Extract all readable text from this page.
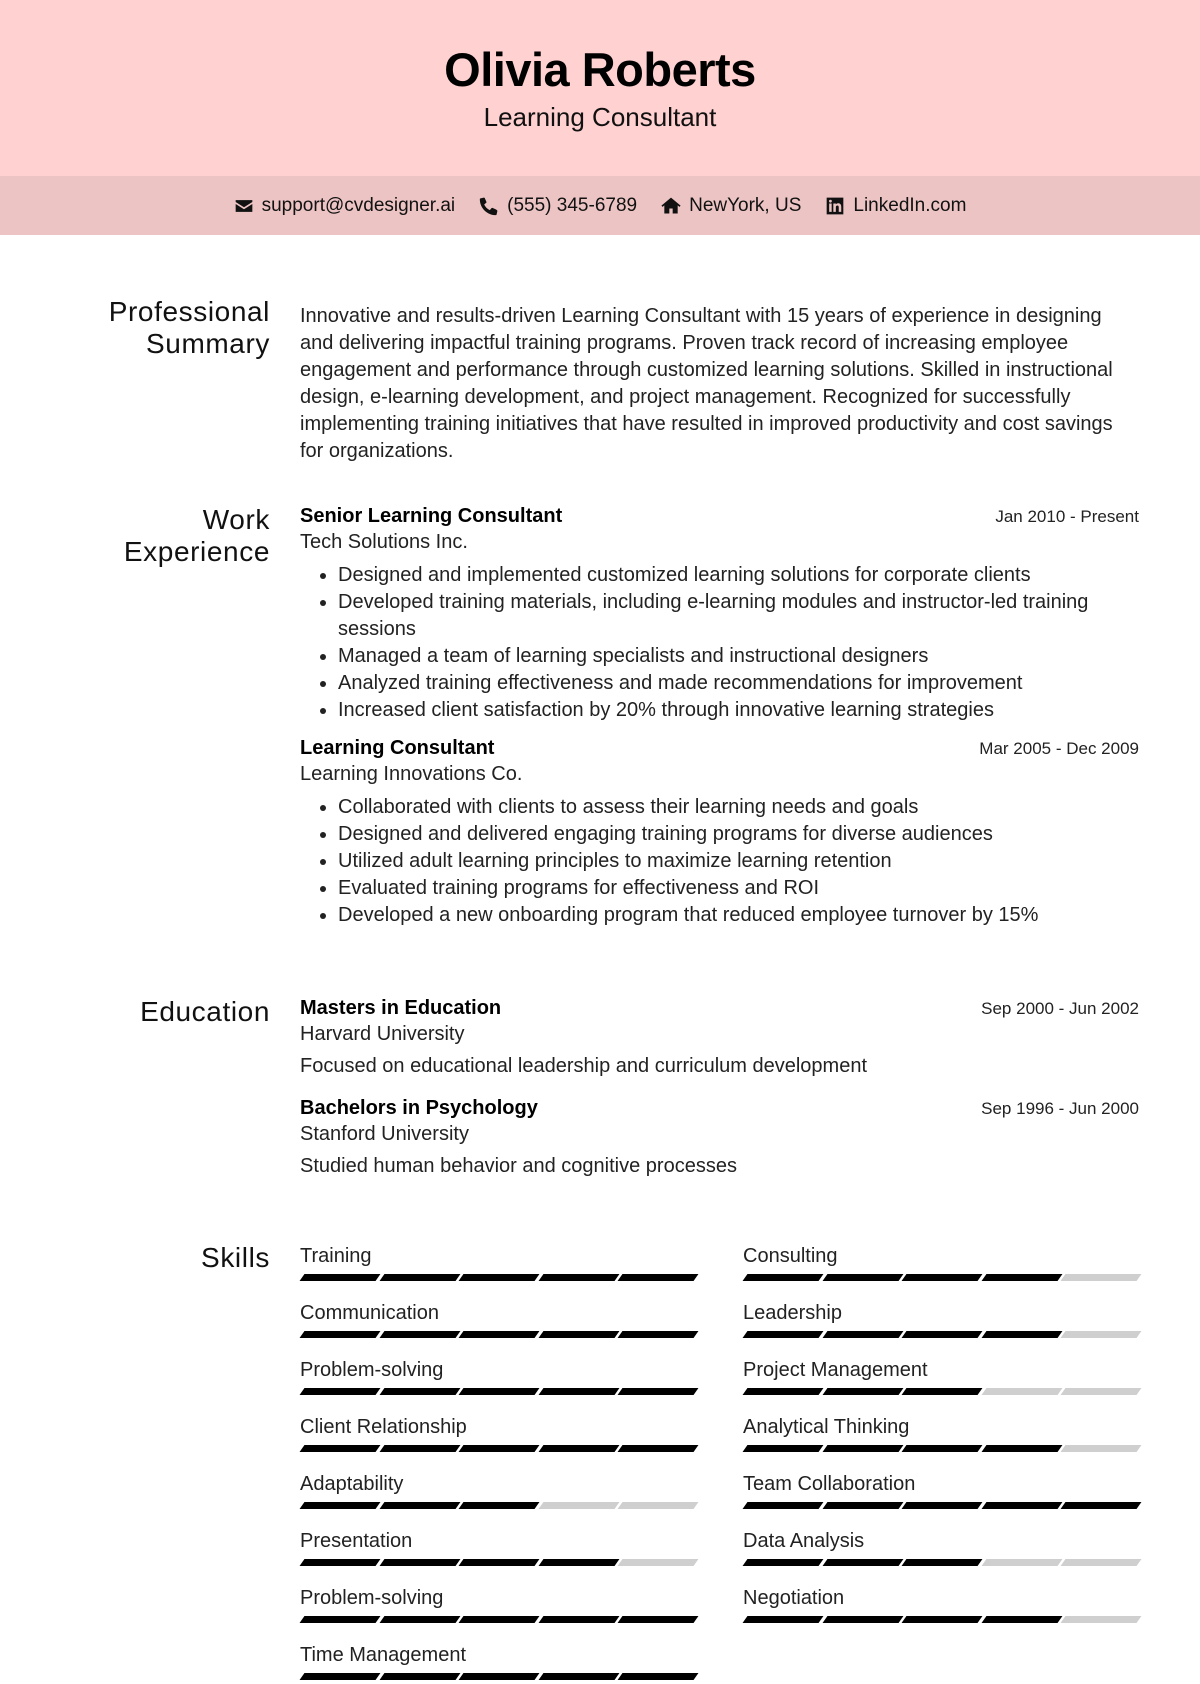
Olivia Roberts
Learning Consultant
support@cvdesigner.ai	(555) 345-6789	NewYork, US	LinkedIn.com
Professional Summary
Innovative and results-driven Learning Consultant with 15 years of experience in designing and delivering impactful training programs. Proven track record of increasing employee engagement and performance through customized learning solutions. Skilled in instructional design, e-learning development, and project management. Recognized for successfully implementing training initiatives that have resulted in improved productivity and cost savings for organizations.
Work Experience
Senior Learning Consultant	Jan 2010 - Present
Tech Solutions Inc.
• Designed and implemented customized learning solutions for corporate clients
• Developed training materials, including e-learning modules and instructor-led training sessions
• Managed a team of learning specialists and instructional designers
• Analyzed training effectiveness and made recommendations for improvement
• Increased client satisfaction by 20% through innovative learning strategies
Learning Consultant	Mar 2005 - Dec 2009
Learning Innovations Co.
• Collaborated with clients to assess their learning needs and goals
• Designed and delivered engaging training programs for diverse audiences
• Utilized adult learning principles to maximize learning retention
• Evaluated training programs for effectiveness and ROI
• Developed a new onboarding program that reduced employee turnover by 15%
Education Masters in Education	Sep 2000 - Jun 2002
Harvard University
Focused on educational leadership and curriculum development
Bachelors in Psychology	Sep 1996 - Jun 2000
Stanford University
Studied human behavior and cognitive processes
Skills Training
Communication
Problem-solving
Client Relationship
Adaptability
Presentation
Problem-solving
Time Management
Consulting
Leadership
Project Management
Analytical Thinking
Team Collaboration
Data Analysis
Negotiation
